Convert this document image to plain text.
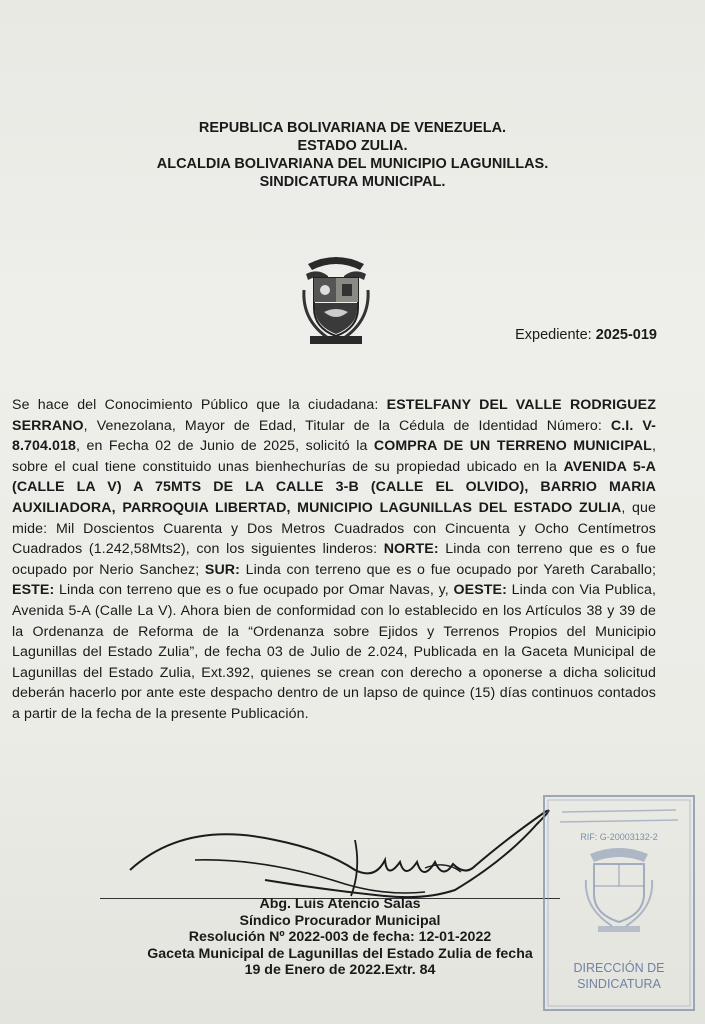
REPUBLICA BOLIVARIANA DE VENEZUELA.
ESTADO ZULIA.
ALCALDIA BOLIVARIANA DEL MUNICIPIO LAGUNILLAS.
SINDICATURA MUNICIPAL.
Expediente: 2025-019
Se hace del Conocimiento Público que la ciudadana: ESTELFANY DEL VALLE RODRIGUEZ SERRANO, Venezolana, Mayor de Edad, Titular de la Cédula de Identidad Número: C.I. V-8.704.018, en Fecha 02 de Junio de 2025, solicitó la COMPRA DE UN TERRENO MUNICIPAL, sobre el cual tiene constituido unas bienhechurías de su propiedad ubicado en la AVENIDA 5-A (CALLE LA V) A 75MTS DE LA CALLE 3-B (CALLE EL OLVIDO), BARRIO MARIA AUXILIADORA, PARROQUIA LIBERTAD, MUNICIPIO LAGUNILLAS DEL ESTADO ZULIA, que mide: Mil Doscientos Cuarenta y Dos Metros Cuadrados con Cincuenta y Ocho Centímetros Cuadrados (1.242,58Mts2), con los siguientes linderos: NORTE: Linda con terreno que es o fue ocupado por Nerio Sanchez; SUR: Linda con terreno que es o fue ocupado por Yareth Caraballo; ESTE: Linda con terreno que es o fue ocupado por Omar Navas, y, OESTE: Linda con Via Publica, Avenida 5-A (Calle La V). Ahora bien de conformidad con lo establecido en los Artículos 38 y 39 de la Ordenanza de Reforma de la “Ordenanza sobre Ejidos y Terrenos Propios del Municipio Lagunillas del Estado Zulia”, de fecha 03 de Julio de 2.024, Publicada en la Gaceta Municipal de Lagunillas del Estado Zulia, Ext.392, quienes se crean con derecho a oponerse a dicha solicitud deberán hacerlo por ante este despacho dentro de un lapso de quince (15) días continuos contados a partir de la fecha de la presente Publicación.
Abg. Luis Atencio Salas
Síndico Procurador Municipal
Resolución Nº 2022-003 de fecha: 12-01-2022
Gaceta Municipal de Lagunillas del Estado Zulia de fecha
19 de Enero de 2022.Extr. 84
RIF: G-20003132-2
DIRECCIÓN DE
SINDICATURA
